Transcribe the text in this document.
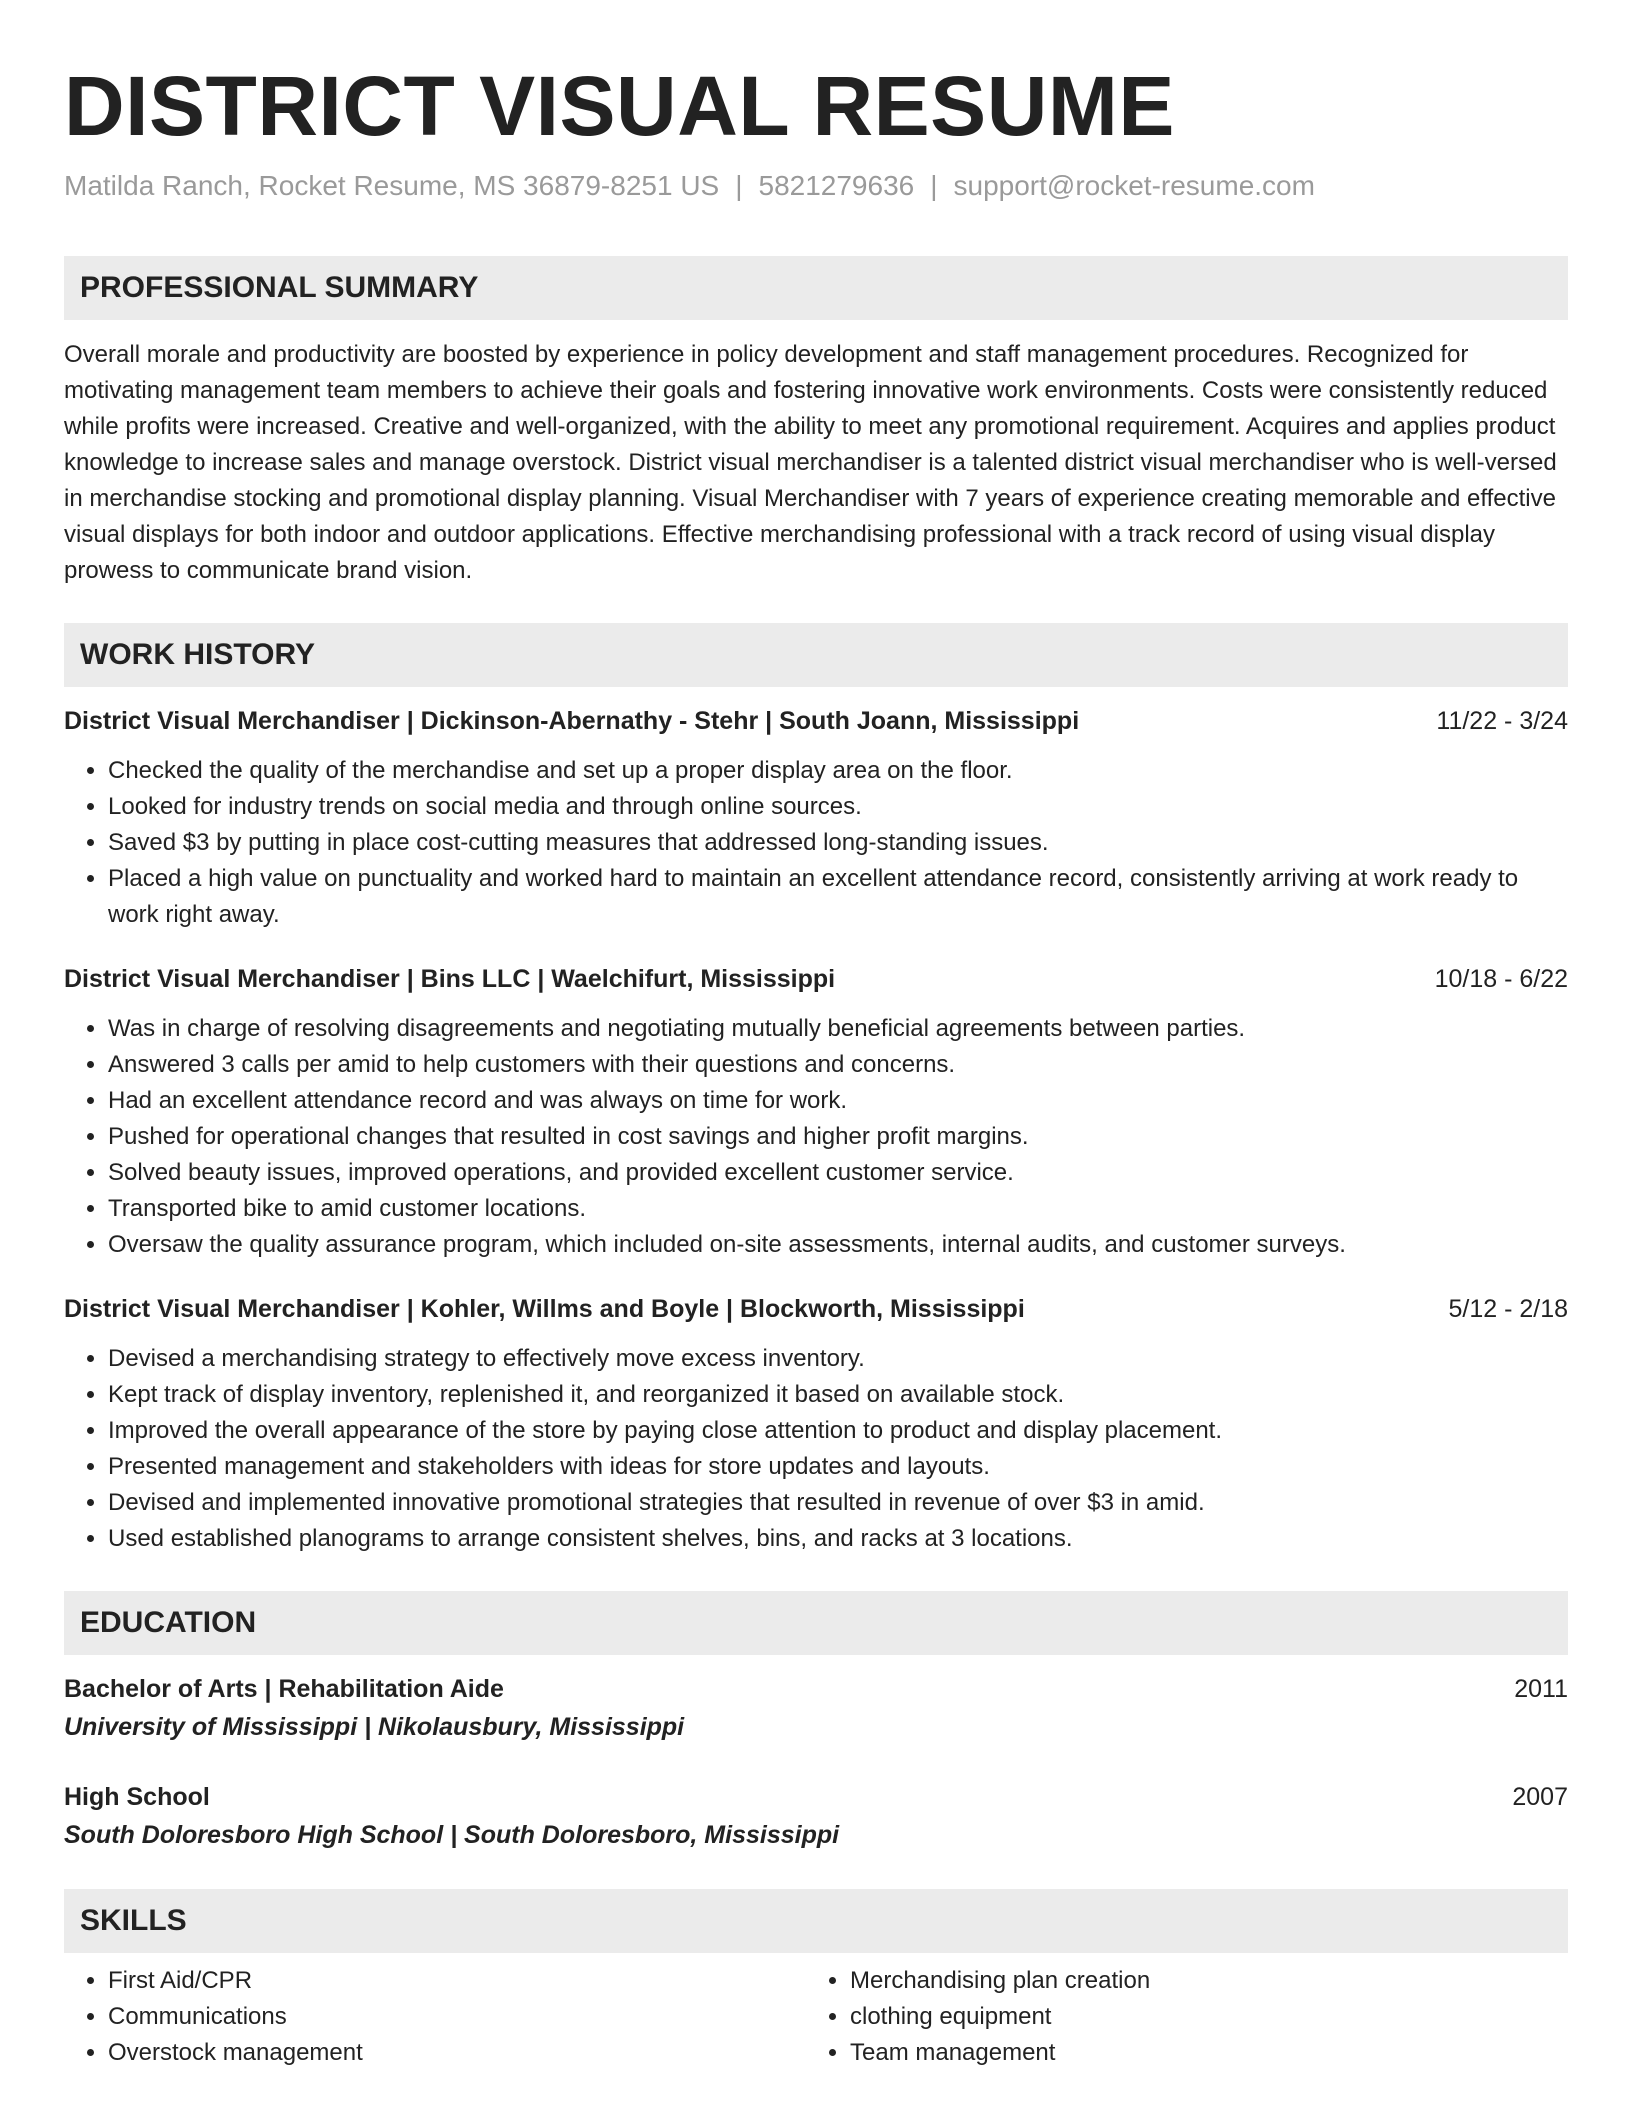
DISTRICT VISUAL RESUME
Matilda Ranch, Rocket Resume, MS 36879-8251 US | 5821279636 | support@rocket-resume.com
PROFESSIONAL SUMMARY

Overall morale and productivity are boosted by experience in policy development and staff management procedures. Recognized for motivating management team members to achieve their goals and fostering innovative work environments. Costs were consistently reduced while profits were increased. Creative and well-organized, with the ability to meet any promotional requirement. Acquires and applies product knowledge to increase sales and manage overstock. District visual merchandiser is a talented district visual merchandiser who is well-versed in merchandise stocking and promotional display planning. Visual Merchandiser with 7 years of experience creating memorable and effective visual displays for both indoor and outdoor applications. Effective merchandising professional with a track record of using visual display prowess to communicate brand vision.

WORK HISTORY
District Visual Merchandiser | Dickinson-Abernathy - Stehr | South Joann, Mississippi	11/22 - 3/24
• Checked the quality of the merchandise and set up a proper display area on the floor.
• Looked for industry trends on social media and through online sources.
• Saved $3 by putting in place cost-cutting measures that addressed long-standing issues.
• Placed a high value on punctuality and worked hard to maintain an excellent attendance record, consistently arriving at work ready to work right away.
District Visual Merchandiser | Bins LLC | Waelchifurt, Mississippi	10/18 - 6/22
• Was in charge of resolving disagreements and negotiating mutually beneficial agreements between parties.
• Answered 3 calls per amid to help customers with their questions and concerns.
• Had an excellent attendance record and was always on time for work.
• Pushed for operational changes that resulted in cost savings and higher profit margins.
• Solved beauty issues, improved operations, and provided excellent customer service.
• Transported bike to amid customer locations.
• Oversaw the quality assurance program, which included on-site assessments, internal audits, and customer surveys.
District Visual Merchandiser | Kohler, Willms and Boyle | Blockworth, Mississippi	5/12 - 2/18
• Devised a merchandising strategy to effectively move excess inventory.
• Kept track of display inventory, replenished it, and reorganized it based on available stock.
• Improved the overall appearance of the store by paying close attention to product and display placement.
• Presented management and stakeholders with ideas for store updates and layouts.
• Devised and implemented innovative promotional strategies that resulted in revenue of over $3 in amid.
• Used established planograms to arrange consistent shelves, bins, and racks at 3 locations.
EDUCATION
Bachelor of Arts | Rehabilitation Aide	2011
University of Mississippi | Nikolausbury, Mississippi
High School	2007
South Doloresboro High School | South Doloresboro, Mississippi
SKILLS
• First Aid/CPR
• Communications
• Overstock management
• Merchandising plan creation
• clothing equipment
• Team management
